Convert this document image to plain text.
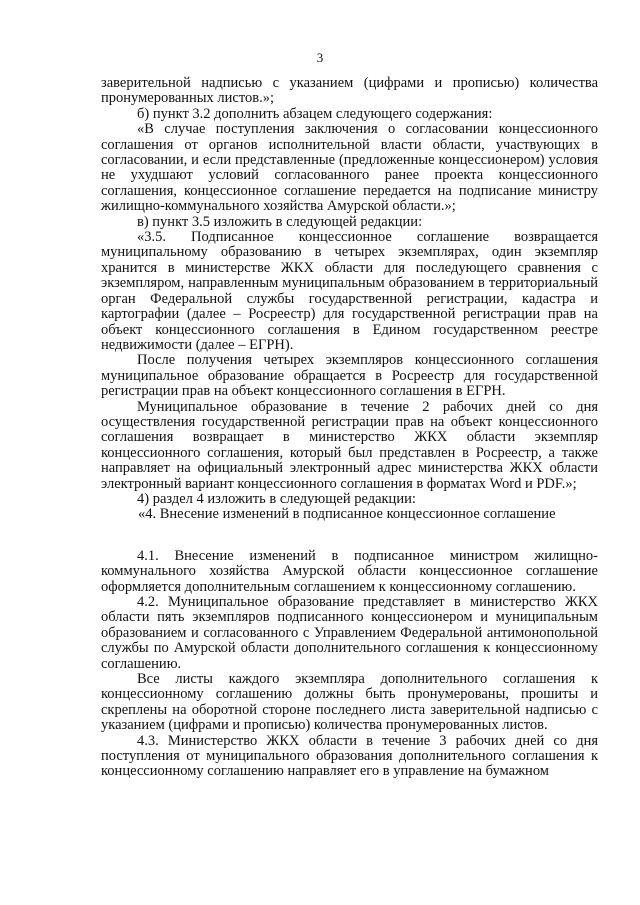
3

заверительной надписью с указанием (цифрами и прописью) количества пронумерованных листов.»;

б) пункт 3.2 дополнить абзацем следующего содержания:

«В случае поступления заключения о согласовании концессионного соглашения от органов исполнительной власти области, участвующих в согласовании, и если представленные (предложенные концессионером) условия не ухудшают условий согласованного ранее проекта концессионного соглашения, концессионное соглашение передается на подписание министру жилищно-коммунального хозяйства Амурской области.»;

в) пункт 3.5 изложить в следующей редакции:

«3.5. Подписанное концессионное соглашение возвращается муниципальному образованию в четырех экземплярах, один экземпляр хранится в министерстве ЖКХ области для последующего сравнения с экземпляром, направленным муниципальным образованием в территориальный орган Федеральной службы государственной регистрации, кадастра и картографии (далее – Росреестр) для государственной регистрации прав на объект концессионного соглашения в Едином государственном реестре недвижимости (далее – ЕГРН).

После получения четырех экземпляров концессионного соглашения муниципальное образование обращается в Росреестр для государственной регистрации прав на объект концессионного соглашения в ЕГРН.

Муниципальное образование в течение 2 рабочих дней со дня осуществления государственной регистрации прав на объект концессионного соглашения возвращает в министерство ЖКХ области экземпляр концессионного соглашения, который был представлен в Росреестр, а также направляет на официальный электронный адрес министерства ЖКХ области электронный вариант концессионного соглашения в форматах Word и PDF.»;

4) раздел 4 изложить в следующей редакции:

«4. Внесение изменений в подписанное концессионное соглашение

4.1. Внесение изменений в подписанное министром жилищно-коммунального хозяйства Амурской области концессионное соглашение оформляется дополнительным соглашением к концессионному соглашению.

4.2. Муниципальное образование представляет в министерство ЖКХ области пять экземпляров подписанного концессионером и муниципальным образованием и согласованного с Управлением Федеральной антимонопольной службы по Амурской области дополнительного соглашения к концессионному соглашению.

Все листы каждого экземпляра дополнительного соглашения к концессионному соглашению должны быть пронумерованы, прошиты и скреплены на оборотной стороне последнего листа заверительной надписью с указанием (цифрами и прописью) количества пронумерованных листов.

4.3. Министерство ЖКХ области в течение 3 рабочих дней со дня поступления от муниципального образования дополнительного соглашения к концессионному соглашению направляет его в управление на бумажном
